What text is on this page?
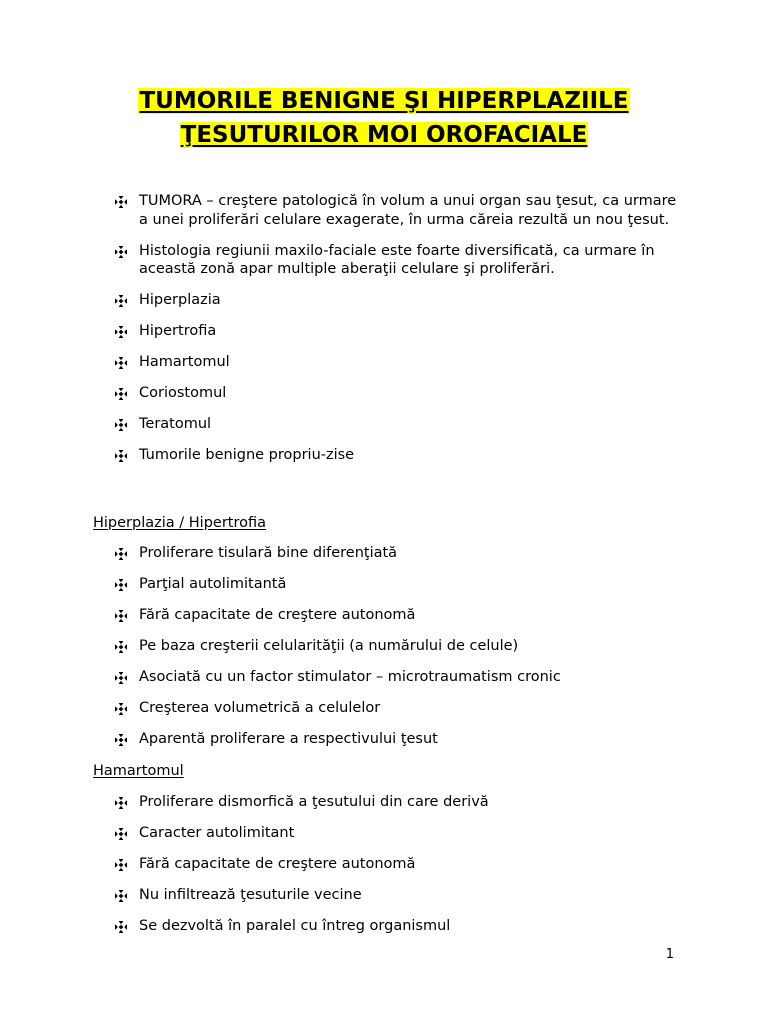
TUMORILE BENIGNE ŞI HIPERPLAZIILE
ŢESUTURILOR MOI OROFACIALE
TUMORA – creştere patologică în volum a unui organ sau ţesut, ca urmare a unei proliferări celulare exagerate, în urma căreia rezultă un nou ţesut.
Histologia regiunii maxilo-faciale este foarte diversificată, ca urmare în această zonă apar multiple aberaţii celulare şi proliferări.
Hiperplazia
Hipertrofia
Hamartomul
Coriostomul
Teratomul
Tumorile benigne propriu-zise
Hiperplazia / Hipertrofia
Proliferare tisulară bine diferenţiată
Parţial autolimitantă
Fără capacitate de creştere autonomă
Pe baza creşterii celularităţii (a numărului de celule)
Asociată cu un factor stimulator – microtraumatism cronic
Creşterea volumetrică a celulelor
Aparentă proliferare a respectivului ţesut
Hamartomul
Proliferare dismorfică a ţesutului din care derivă
Caracter autolimitant
Fără capacitate de creştere autonomă
Nu infiltrează ţesuturile vecine
Se dezvoltă în paralel cu întreg organismul
1
